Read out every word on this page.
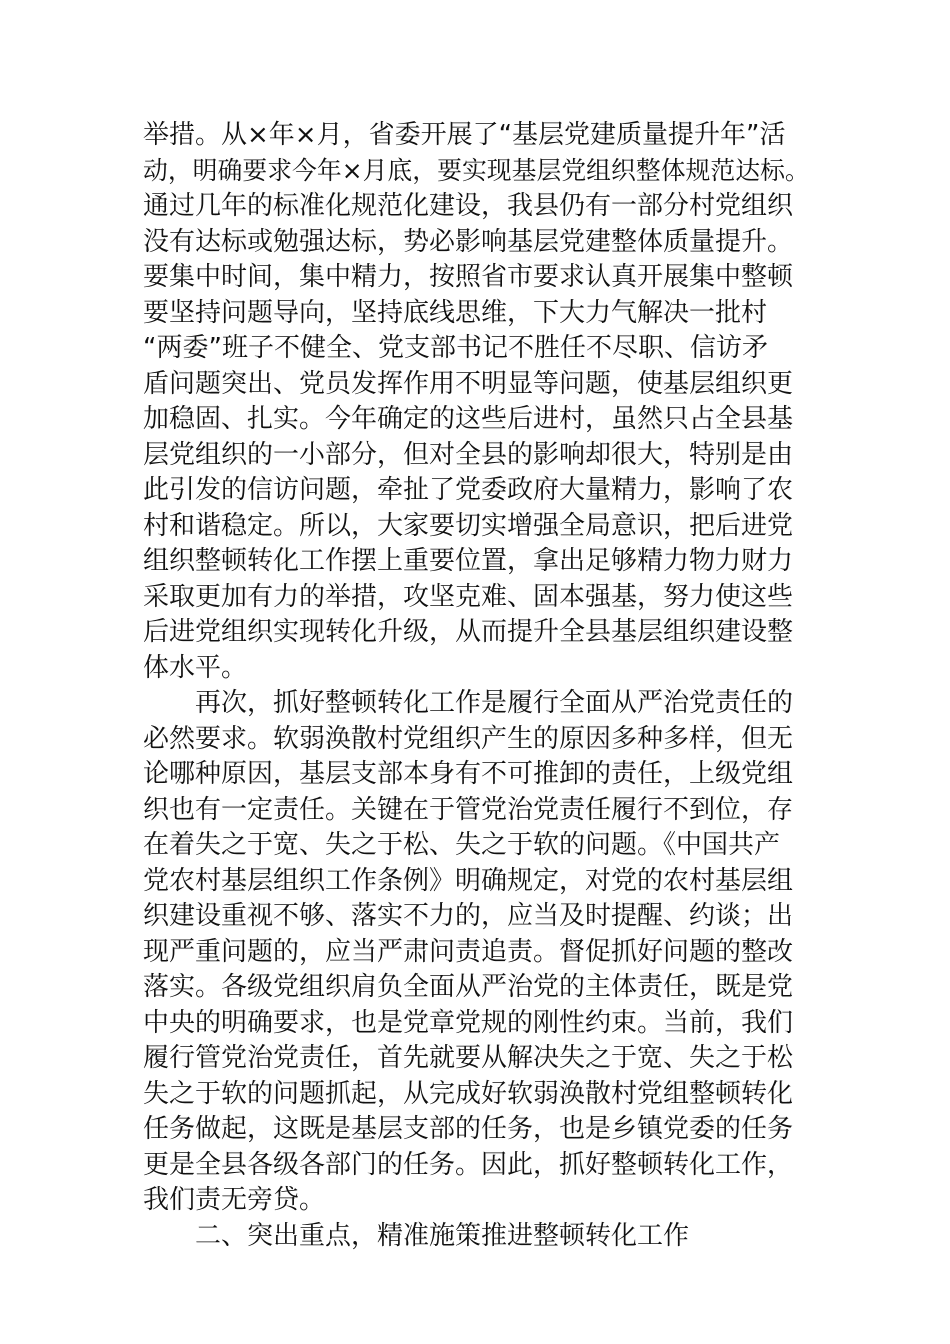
举措。从×年×月，省委开展了“基层党建质量提升年”活
动，明确要求今年×月底，要实现基层党组织整体规范达标。
通过几年的标准化规范化建设，我县仍有一部分村党组织
没有达标或勉强达标，势必影响基层党建整体质量提升。
要集中时间，集中精力，按照省市要求认真开展集中整顿
要坚持问题导向，坚持底线思维，下大力气解决一批村
“两委”班子不健全、党支部书记不胜任不尽职、信访矛
盾问题突出、党员发挥作用不明显等问题，使基层组织更
加稳固、扎实。今年确定的这些后进村，虽然只占全县基
层党组织的一小部分，但对全县的影响却很大，特别是由
此引发的信访问题，牵扯了党委政府大量精力，影响了农
村和谐稳定。所以，大家要切实增强全局意识，把后进党
组织整顿转化工作摆上重要位置，拿出足够精力物力财力
采取更加有力的举措，攻坚克难、固本强基，努力使这些
后进党组织实现转化升级，从而提升全县基层组织建设整
体水平。
再次，抓好整顿转化工作是履行全面从严治党责任的
必然要求。软弱涣散村党组织产生的原因多种多样，但无
论哪种原因，基层支部本身有不可推卸的责任，上级党组
织也有一定责任。关键在于管党治党责任履行不到位，存
在着失之于宽、失之于松、失之于软的问题。《中国共产
党农村基层组织工作条例》明确规定，对党的农村基层组
织建设重视不够、落实不力的，应当及时提醒、约谈；出
现严重问题的，应当严肃问责追责。督促抓好问题的整改
落实。各级党组织肩负全面从严治党的主体责任，既是党
中央的明确要求，也是党章党规的刚性约束。当前，我们
履行管党治党责任，首先就要从解决失之于宽、失之于松
失之于软的问题抓起，从完成好软弱涣散村党组整顿转化
任务做起，这既是基层支部的任务，也是乡镇党委的任务
更是全县各级各部门的任务。因此，抓好整顿转化工作，
我们责无旁贷。
二、突出重点，精准施策推进整顿转化工作
